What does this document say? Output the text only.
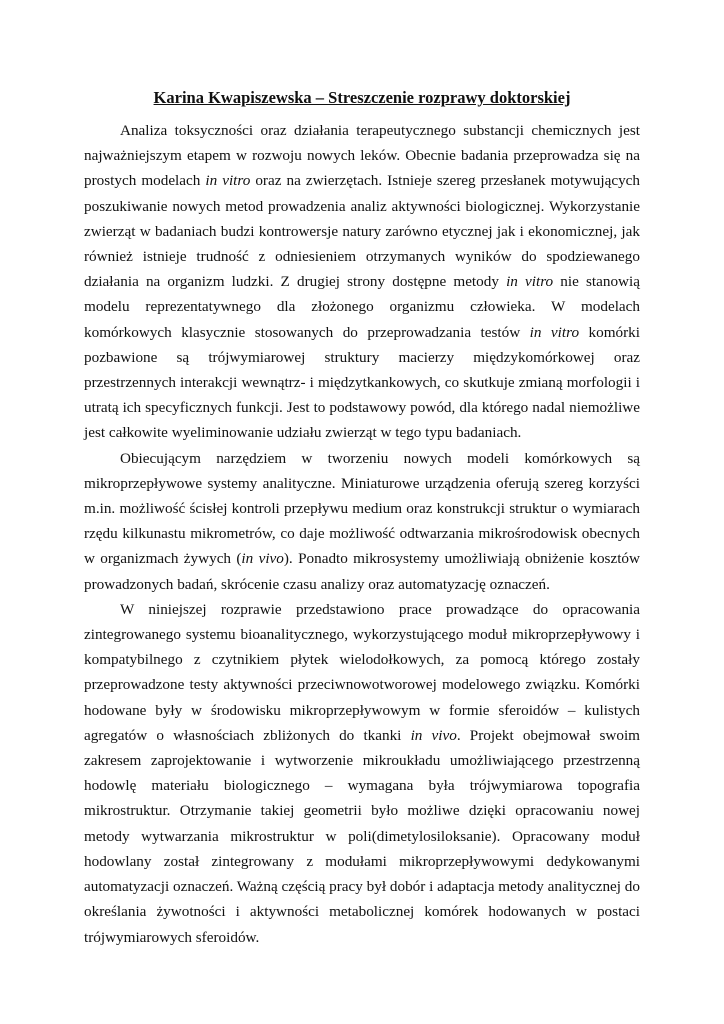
Karina Kwapiszewska – Streszczenie rozprawy doktorskiej

Analiza toksyczności oraz działania terapeutycznego substancji chemicznych jest najważniejszym etapem w rozwoju nowych leków. Obecnie badania przeprowadza się na prostych modelach in vitro oraz na zwierzętach. Istnieje szereg przesłanek motywujących poszukiwanie nowych metod prowadzenia analiz aktywności biologicznej. Wykorzystanie zwierząt w badaniach budzi kontrowersje natury zarówno etycznej jak i ekonomicznej, jak również istnieje trudność z odniesieniem otrzymanych wyników do spodziewanego działania na organizm ludzki. Z drugiej strony dostępne metody in vitro nie stanowią modelu reprezentatywnego dla złożonego organizmu człowieka. W modelach komórkowych klasycznie stosowanych do przeprowadzania testów in vitro komórki pozbawione są trójwymiarowej struktury macierzy międzykomórkowej oraz przestrzennych interakcji wewnątrz- i międzytkankowych, co skutkuje zmianą morfologii i utratą ich specyficznych funkcji. Jest to podstawowy powód, dla którego nadal niemożliwe jest całkowite wyeliminowanie udziału zwierząt w tego typu badaniach.

Obiecującym narzędziem w tworzeniu nowych modeli komórkowych są mikroprzepływowe systemy analityczne. Miniaturowe urządzenia oferują szereg korzyści m.in. możliwość ścisłej kontroli przepływu medium oraz konstrukcji struktur o wymiarach rzędu kilkunastu mikrometrów, co daje możliwość odtwarzania mikrośrodowisk obecnych w organizmach żywych (in vivo). Ponadto mikrosystemy umożliwiają obniżenie kosztów prowadzonych badań, skrócenie czasu analizy oraz automatyzację oznaczeń.

W niniejszej rozprawie przedstawiono prace prowadzące do opracowania zintegrowanego systemu bioanalitycznego, wykorzystującego moduł mikroprzepływowy i kompatybilnego z czytnikiem płytek wielodołkowych, za pomocą którego zostały przeprowadzone testy aktywności przeciwnowotworowej modelowego związku. Komórki hodowane były w środowisku mikroprzepływowym w formie sferoidów – kulistych agregatów o własnościach zbliżonych do tkanki in vivo. Projekt obejmował swoim zakresem zaprojektowanie i wytworzenie mikroukładu umożliwiającego przestrzenną hodowlę materiału biologicznego – wymagana była trójwymiarowa topografia mikrostruktur. Otrzymanie takiej geometrii było możliwe dzięki opracowaniu nowej metody wytwarzania mikrostruktur w poli(dimetylosiloksanie). Opracowany moduł hodowlany został zintegrowany z modułami mikroprzepływowymi dedykowanymi automatyzacji oznaczeń. Ważną częścią pracy był dobór i adaptacja metody analitycznej do określania żywotności i aktywności metabolicznej komórek hodowanych w postaci trójwymiarowych sferoidów.
